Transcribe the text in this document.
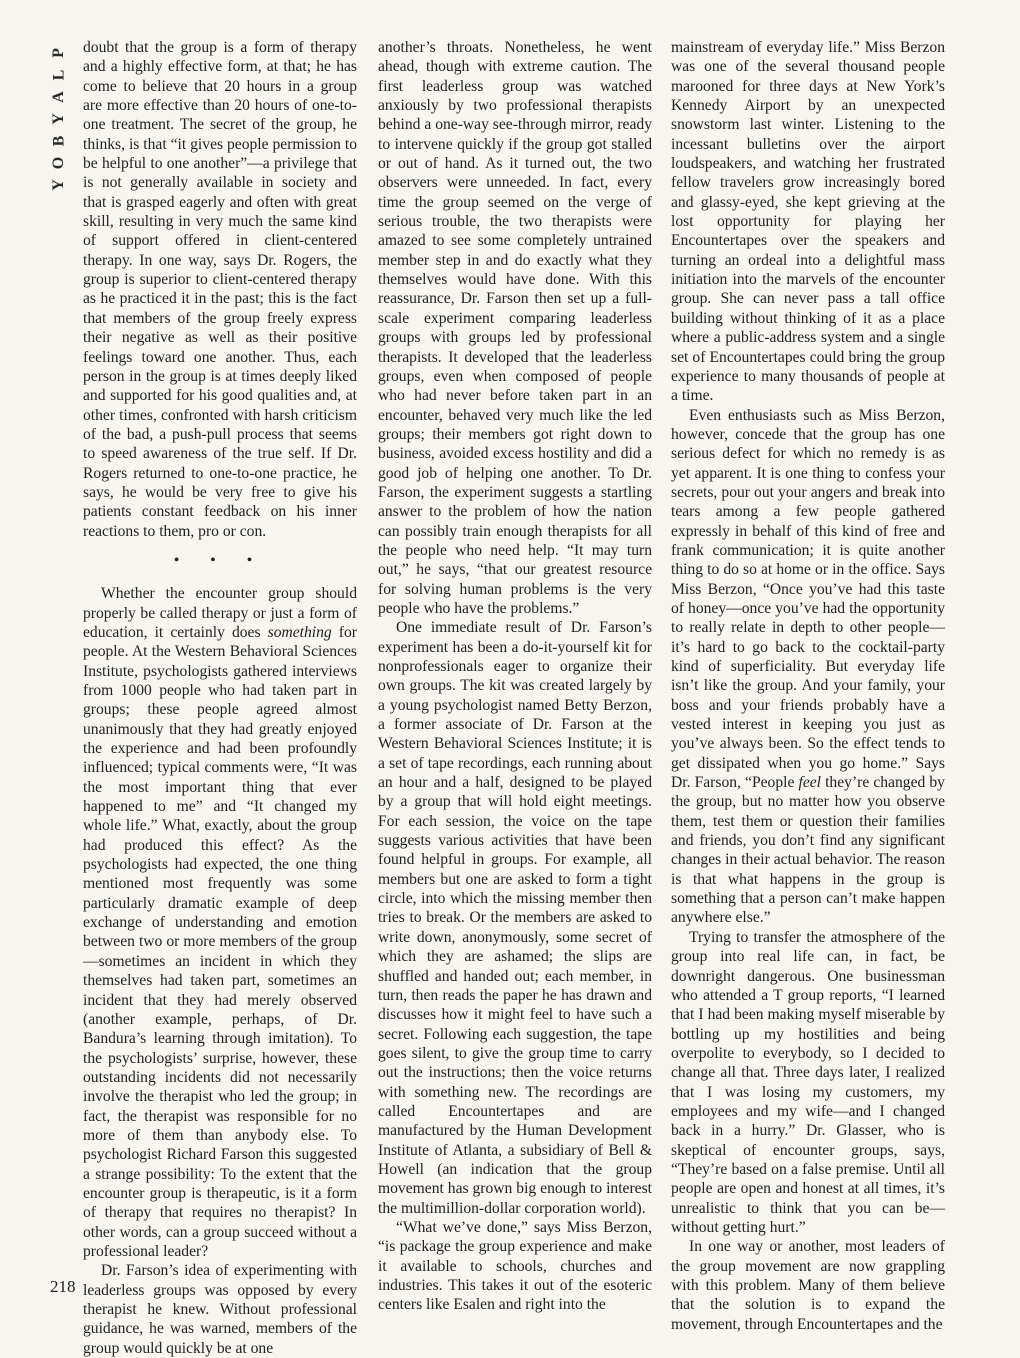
P
L
A
Y
B
O
Y

doubt that the group is a form of therapy and a highly effective form, at that; he has come to believe that 20 hours in a group are more effective than 20 hours of one-to-one treatment. The secret of the group, he thinks, is that “it gives people permission to be helpful to one another”—a privilege that is not generally available in society and that is grasped eagerly and often with great skill, resulting in very much the same kind of support offered in client-centered therapy. In one way, says Dr. Rogers, the group is superior to client-centered therapy as he practiced it in the past; this is the fact that members of the group freely express their negative as well as their positive feelings toward one another. Thus, each person in the group is at times deeply liked and supported for his good qualities and, at other times, confronted with harsh criticism of the bad, a push-pull process that seems to speed awareness of the true self. If Dr. Rogers returned to one-to-one practice, he says, he would be very free to give his patients constant feedback on his inner reactions to them, pro or con.

• • •

Whether the encounter group should properly be called therapy or just a form of education, it certainly does something for people. At the Western Behavioral Sciences Institute, psychologists gathered interviews from 1000 people who had taken part in groups; these people agreed almost unanimously that they had greatly enjoyed the experience and had been profoundly influenced; typical comments were, “It was the most important thing that ever happened to me” and “It changed my whole life.” What, exactly, about the group had produced this effect? As the psychologists had expected, the one thing mentioned most frequently was some particularly dramatic example of deep exchange of understanding and emotion between two or more members of the group—sometimes an incident in which they themselves had taken part, sometimes an incident that they had merely observed (another example, perhaps, of Dr. Bandura’s learning through imitation). To the psychologists’ surprise, however, these outstanding incidents did not necessarily involve the therapist who led the group; in fact, the therapist was responsible for no more of them than anybody else. To psychologist Richard Farson this suggested a strange possibility: To the extent that the encounter group is therapeutic, is it a form of therapy that requires no therapist? In other words, can a group succeed without a professional leader?

Dr. Farson’s idea of experimenting with leaderless groups was opposed by every therapist he knew. Without professional guidance, he was warned, members of the group would quickly be at one

another’s throats. Nonetheless, he went ahead, though with extreme caution. The first leaderless group was watched anxiously by two professional therapists behind a one-way see-through mirror, ready to intervene quickly if the group got stalled or out of hand. As it turned out, the two observers were unneeded. In fact, every time the group seemed on the verge of serious trouble, the two therapists were amazed to see some completely untrained member step in and do exactly what they themselves would have done. With this reassurance, Dr. Farson then set up a full-scale experiment comparing leaderless groups with groups led by professional therapists. It developed that the leaderless groups, even when composed of people who had never before taken part in an encounter, behaved very much like the led groups; their members got right down to business, avoided excess hostility and did a good job of helping one another. To Dr. Farson, the experiment suggests a startling answer to the problem of how the nation can possibly train enough therapists for all the people who need help. “It may turn out,” he says, “that our greatest resource for solving human problems is the very people who have the problems.”

One immediate result of Dr. Farson’s experiment has been a do-it-yourself kit for nonprofessionals eager to organize their own groups. The kit was created largely by a young psychologist named Betty Berzon, a former associate of Dr. Farson at the Western Behavioral Sciences Institute; it is a set of tape recordings, each running about an hour and a half, designed to be played by a group that will hold eight meetings. For each session, the voice on the tape suggests various activities that have been found helpful in groups. For example, all members but one are asked to form a tight circle, into which the missing member then tries to break. Or the members are asked to write down, anonymously, some secret of which they are ashamed; the slips are shuffled and handed out; each member, in turn, then reads the paper he has drawn and discusses how it might feel to have such a secret. Following each suggestion, the tape goes silent, to give the group time to carry out the instructions; then the voice returns with something new. The recordings are called Encountertapes and are manufactured by the Human Development Institute of Atlanta, a subsidiary of Bell & Howell (an indication that the group movement has grown big enough to interest the multimillion-dollar corporation world).

“What we’ve done,” says Miss Berzon, “is package the group experience and make it available to schools, churches and industries. This takes it out of the esoteric centers like Esalen and right into the

mainstream of everyday life.” Miss Berzon was one of the several thousand people marooned for three days at New York’s Kennedy Airport by an unexpected snowstorm last winter. Listening to the incessant bulletins over the airport loudspeakers, and watching her frustrated fellow travelers grow increasingly bored and glassy-eyed, she kept grieving at the lost opportunity for playing her Encountertapes over the speakers and turning an ordeal into a delightful mass initiation into the marvels of the encounter group. She can never pass a tall office building without thinking of it as a place where a public-address system and a single set of Encountertapes could bring the group experience to many thousands of people at a time.

Even enthusiasts such as Miss Berzon, however, concede that the group has one serious defect for which no remedy is as yet apparent. It is one thing to confess your secrets, pour out your angers and break into tears among a few people gathered expressly in behalf of this kind of free and frank communication; it is quite another thing to do so at home or in the office. Says Miss Berzon, “Once you’ve had this taste of honey—once you’ve had the opportunity to really relate in depth to other people—it’s hard to go back to the cocktail-party kind of superficiality. But everyday life isn’t like the group. And your family, your boss and your friends probably have a vested interest in keeping you just as you’ve always been. So the effect tends to get dissipated when you go home.” Says Dr. Farson, “People feel they’re changed by the group, but no matter how you observe them, test them or question their families and friends, you don’t find any significant changes in their actual behavior. The reason is that what happens in the group is something that a person can’t make happen anywhere else.”

Trying to transfer the atmosphere of the group into real life can, in fact, be downright dangerous. One businessman who attended a T group reports, “I learned that I had been making myself miserable by bottling up my hostilities and being overpolite to everybody, so I decided to change all that. Three days later, I realized that I was losing my customers, my employees and my wife—and I changed back in a hurry.” Dr. Glasser, who is skeptical of encounter groups, says, “They’re based on a false premise. Until all people are open and honest at all times, it’s unrealistic to think that you can be—without getting hurt.”

In one way or another, most leaders of the group movement are now grappling with this problem. Many of them believe that the solution is to expand the movement, through Encountertapes and the

218
